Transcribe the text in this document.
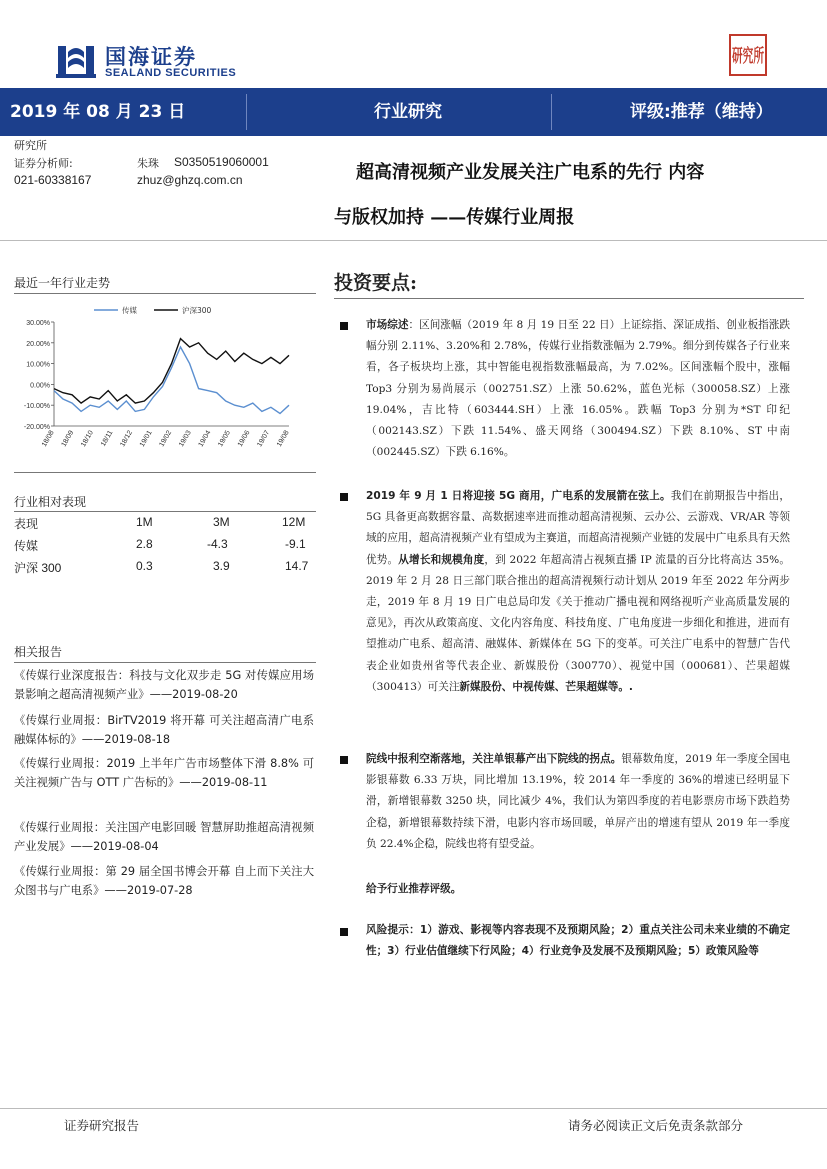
国海证券
SEALAND SECURITIES
研究所
2019 年 08 月 23 日	行业研究	评级:推荐（维持）
研究所
证券分析师:	朱珠 S0350519060001
021-60338167	zhuz@ghzq.com.cn	超高清视频产业发展关注广电系的先行 内容
与版权加持 ——传媒行业周报
最近一年行业走势
30.00%
20.00%
10.00%
0.00%
-10.00%
-20.00%
18/08 18/09 18/10 18/11 18/12 19/01 19/02 19/03 19/04 19/05 19/06 19/07 19/08
传媒	沪深300
行业相对表现
表现	1M	3M	12M
传媒	2.8	-4.3	-9.1
沪深 300	0.3	3.9	14.7
相关报告
《传媒行业深度报告：科技与文化双步走 5G 对传媒应用场景影响之超高清视频产业》——2019-08-20
《传媒行业周报：BirTV2019 将开幕 可关注超高清广电系 融媒体标的》——2019-08-18
《传媒行业周报：2019 上半年广告市场整体下滑 8.8% 可关注视频广告与 OTT 广告标的》——2019-08-11
《传媒行业周报：关注国产电影回暖 智慧屏助推超高清视频产业发展》——2019-08-04
《传媒行业周报：第 29 届全国书博会开幕 自上而下关注大众图书与广电系》——2019-07-28
投资要点:
市场综述：区间涨幅（2019 年 8 月 19 日至 22 日）上证综指、深证成指、创业板指涨跌幅分别 2.11%、3.20%和 2.78%，传媒行业指数涨幅为 2.79%。细分到传媒各子行业来看，各子板块均上涨，其中智能电视指数涨幅最高，为 7.02%。区间涨幅个股中，涨幅 Top3 分别为易尚展示（002751.SZ）上涨 50.62%，蓝色光标（300058.SZ）上涨 19.04%，吉比特（603444.SH）上涨 16.05%。跌幅 Top3 分别为*ST 印纪（002143.SZ）下跌 11.54%、盛天网络（300494.SZ）下跌 8.10%、ST 中南（002445.SZ）下跌 6.16%。
2019 年 9 月 1 日将迎接 5G 商用，广电系的发展箭在弦上。我们在前期报告中指出，5G 具备更高数据容量、高数据速率进而推动超高清视频、云办公、云游戏、VR/AR 等领域的应用，超高清视频产业有望成为主赛道，而超高清视频产业链的发展中广电系具有天然优势。从增长和规模角度，到 2022 年超高清占视频直播 IP 流量的百分比将高达 35%。2019 年 2 月 28 日三部门联合推出的超高清视频行动计划从 2019 年至 2022 年分两步走，2019 年 8 月 19 日广电总局印发《关于推动广播电视和网络视听产业高质量发展的意见》，再次从政策高度、文化内容角度、科技角度、广电角度进一步细化和推进，进而有望推动广电系、超高清、融媒体、新媒体在 5G 下的变革。可关注广电系中的智慧广告代表企业如贵州省等代表企业、新媒股份（300770）、视觉中国（000681）、芒果超媒（300413）可关注新媒股份、中视传媒、芒果超媒等。.
院线中报利空渐落地，关注单银幕产出下院线的拐点。银幕数角度，2019 年一季度全国电影银幕数 6.33 万块，同比增加 13.19%，较 2014 年一季度的 36%的增速已经明显下滑，新增银幕数 3250 块，同比减少 4%，我们认为第四季度的若电影票房市场下跌趋势企稳，新增银幕数持续下滑，电影内容市场回暖，单屏产出的增速有望从 2019 年一季度负 22.4%企稳，院线也将有望受益。
给予行业推荐评级。
风险提示：1）游戏、影视等内容表现不及预期风险；2）重点关注公司未来业绩的不确定性；3）行业估值继续下行风险；4）行业竞争及发展不及预期风险；5）政策风险等
证券研究报告	请务必阅读正文后免责条款部分
